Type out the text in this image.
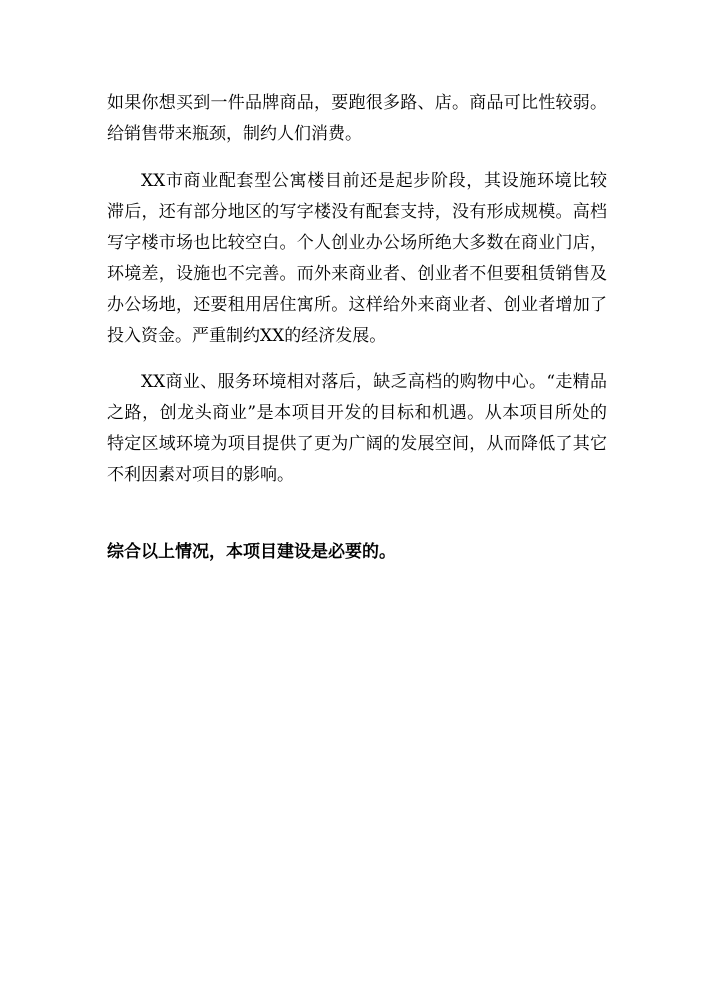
如果你想买到一件品牌商品，要跑很多路、店。商品可比性较弱。给销售带来瓶颈，制约人们消费。

XX市商业配套型公寓楼目前还是起步阶段，其设施环境比较滞后，还有部分地区的写字楼没有配套支持，没有形成规模。高档写字楼市场也比较空白。个人创业办公场所绝大多数在商业门店，环境差，设施也不完善。而外来商业者、创业者不但要租赁销售及办公场地，还要租用居住寓所。这样给外来商业者、创业者增加了投入资金。严重制约XX的经济发展。

XX商业、服务环境相对落后，缺乏高档的购物中心。“走精品之路，创龙头商业”是本项目开发的目标和机遇。从本项目所处的特定区域环境为项目提供了更为广阔的发展空间，从而降低了其它不利因素对项目的影响。

综合以上情况，本项目建设是必要的。
